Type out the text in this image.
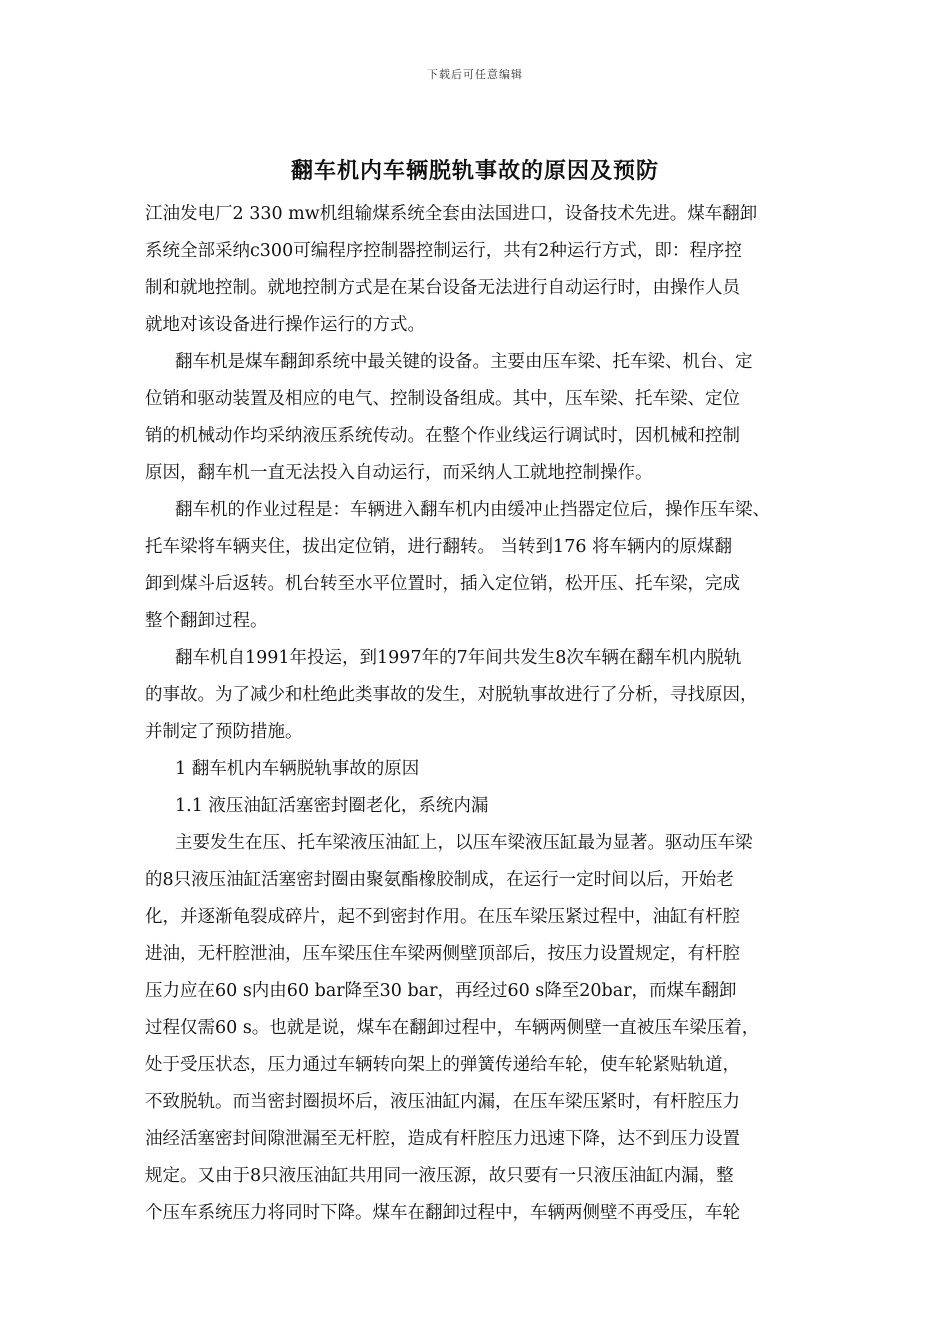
下载后可任意编辑
翻车机内车辆脱轨事故的原因及预防
江油发电厂2 330 mw机组输煤系统全套由法国进口，设备技术先进。煤车翻卸
系统全部采纳c300可编程序控制器控制运行，共有2种运行方式，即：程序控
制和就地控制。就地控制方式是在某台设备无法进行自动运行时，由操作人员
就地对该设备进行操作运行的方式。
翻车机是煤车翻卸系统中最关键的设备。主要由压车梁、托车梁、机台、定
位销和驱动装置及相应的电气、控制设备组成。其中，压车梁、托车梁、定位
销的机械动作均采纳液压系统传动。在整个作业线运行调试时，因机械和控制
原因，翻车机一直无法投入自动运行，而采纳人工就地控制操作。
翻车机的作业过程是：车辆进入翻车机内由缓冲止挡器定位后，操作压车梁、
托车梁将车辆夹住，拔出定位销，进行翻转。 当转到176 将车辆内的原煤翻
卸到煤斗后返转。机台转至水平位置时，插入定位销，松开压、托车梁，完成
整个翻卸过程。
翻车机自1991年投运，到1997年的7年间共发生8次车辆在翻车机内脱轨
的事故。为了减少和杜绝此类事故的发生，对脱轨事故进行了分析，寻找原因，
并制定了预防措施。
1 翻车机内车辆脱轨事故的原因
1.1 液压油缸活塞密封圈老化，系统内漏
主要发生在压、托车梁液压油缸上，以压车梁液压缸最为显著。驱动压车梁
的8只液压油缸活塞密封圈由聚氨酯橡胶制成，在运行一定时间以后，开始老
化，并逐渐龟裂成碎片，起不到密封作用。在压车梁压紧过程中，油缸有杆腔
进油，无杆腔泄油，压车梁压住车梁两侧壁顶部后，按压力设置规定，有杆腔
压力应在60 s内由60 bar降至30 bar，再经过60 s降至20bar，而煤车翻卸
过程仅需60 s。也就是说，煤车在翻卸过程中，车辆两侧壁一直被压车梁压着，
处于受压状态，压力通过车辆转向架上的弹簧传递给车轮，使车轮紧贴轨道，
不致脱轨。而当密封圈损坏后，液压油缸内漏，在压车梁压紧时，有杆腔压力
油经活塞密封间隙泄漏至无杆腔，造成有杆腔压力迅速下降，达不到压力设置
规定。又由于8只液压油缸共用同一液压源，故只要有一只液压油缸内漏，整
个压车系统压力将同时下降。煤车在翻卸过程中，车辆两侧壁不再受压，车轮
